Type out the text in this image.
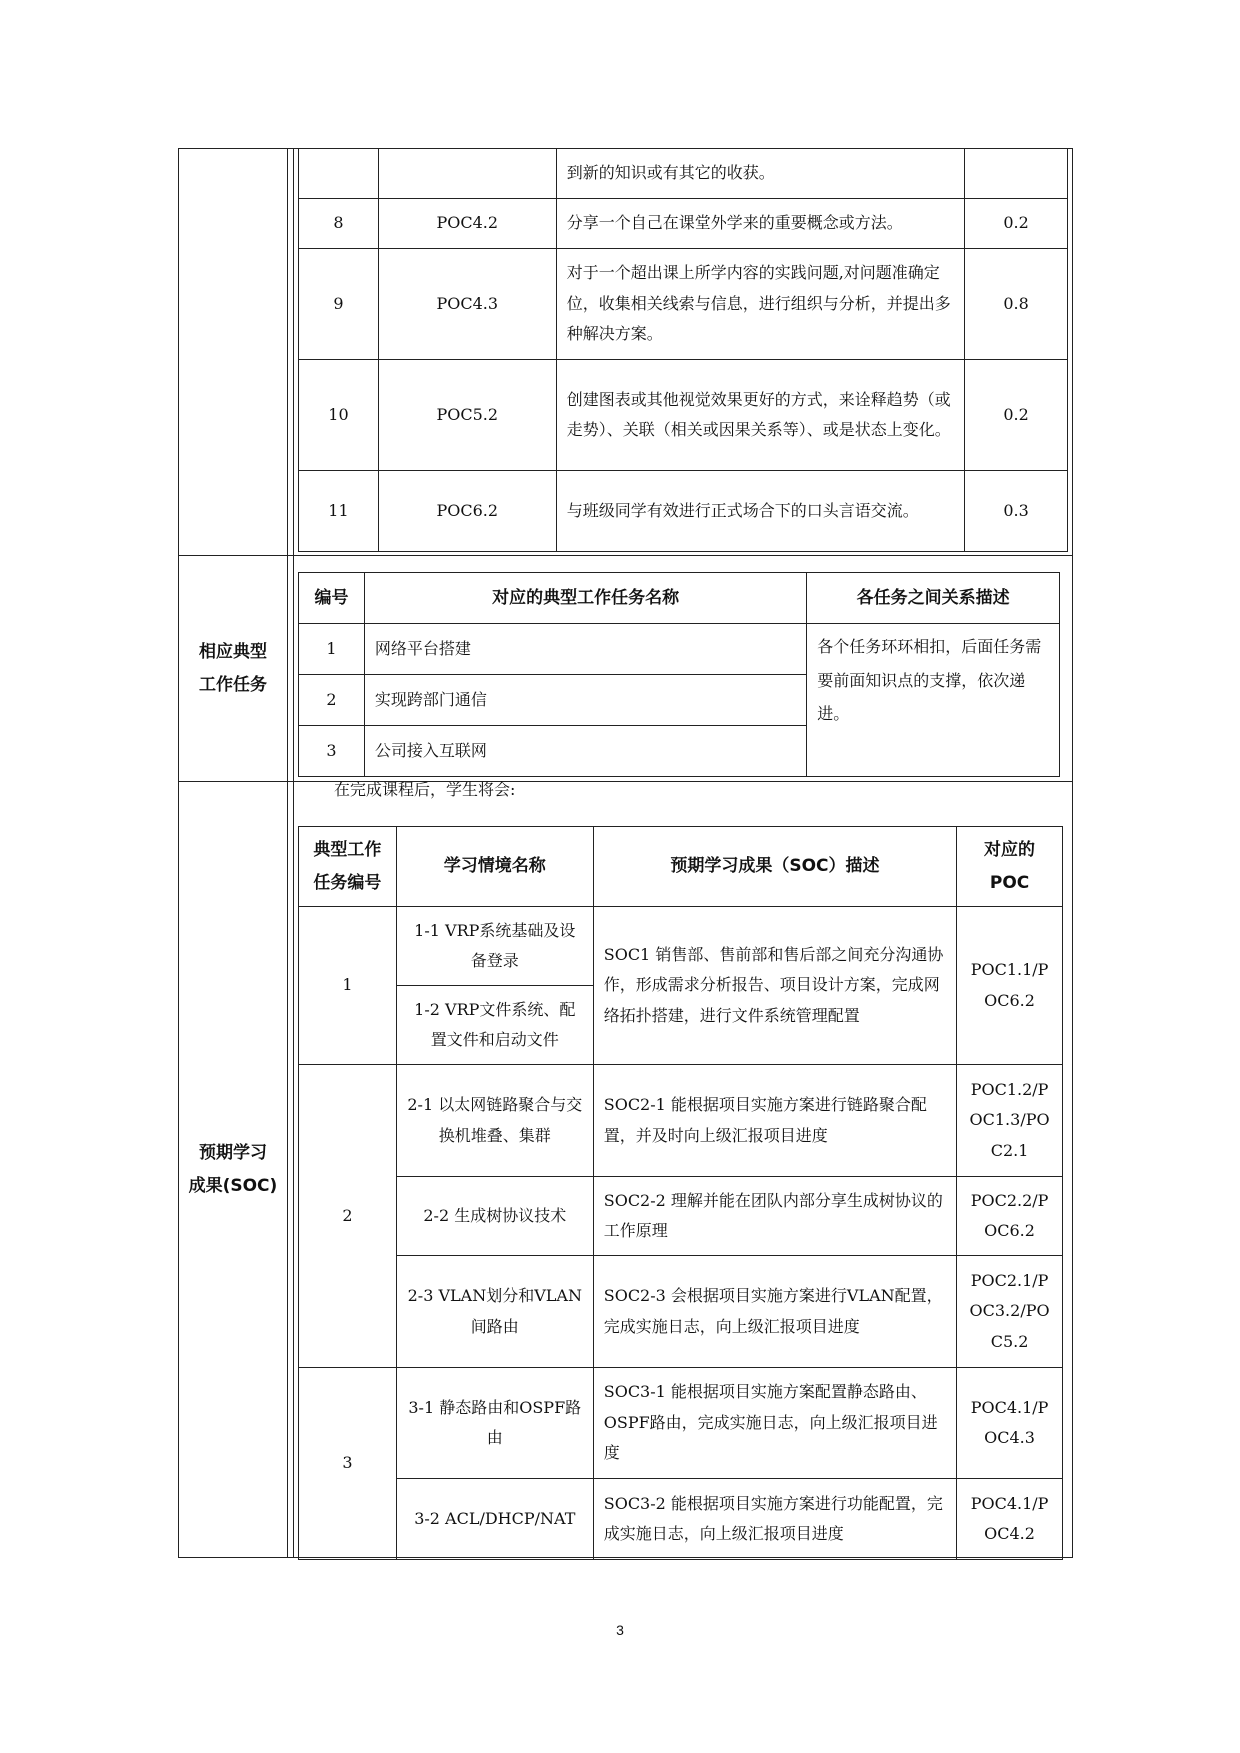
相应典型
工作任务	

预期学习
成果(SOC)	

		到新的知识或有其它的收获。	
8	POC4.2	分享一个自己在课堂外学来的重要概念或方法。	0.2
9	POC4.3	对于一个超出课上所学内容的实践问题,对问题准确定位，收集相关线索与信息，进行组织与分析，并提出多种解决方案。	0.8
10	POC5.2	创建图表或其他视觉效果更好的方式，来诠释趋势（或走势）、关联（相关或因果关系等）、或是状态上变化。	0.2
11	POC6.2	与班级同学有效进行正式场合下的口头言语交流。	0.3
编号	对应的典型工作任务名称	各任务之间关系描述
1	网络平台搭建	各个任务环环相扣，后面任务需要前面知识点的支撑，依次递进。
2	实现跨部门通信	
3	公司接入互联网	
在完成课程后，学生将会:
典型工作任务编号	学习情境名称	预期学习成果（SOC）描述	对应的
POC

1	1-1 VRP系统基础及设备登录	SOC1 销售部、售前部和售后部之间充分沟通协作，形成需求分析报告、项目设计方案，完成网络拓扑搭建，进行文件系统管理配置	POC1.1/POC6.2
	1-2 VRP文件系统、配置文件和启动文件		
2	2-1 以太网链路聚合与交换机堆叠、集群	SOC2-1 能根据项目实施方案进行链路聚合配置，并及时向上级汇报项目进度	POC1.2/POC1.3/POC2.1
	2-2 生成树协议技术	SOC2-2 理解并能在团队内部分享生成树协议的工作原理	POC2.2/POC6.2
	2-3 VLAN划分和VLAN间路由	SOC2-3 会根据项目实施方案进行VLAN配置，完成实施日志，向上级汇报项目进度	POC2.1/POC3.2/POC5.2
3	3-1 静态路由和OSPF路由	SOC3-1 能根据项目实施方案配置静态路由、OSPF路由，完成实施日志，向上级汇报项目进度	POC4.1/POC4.3
	3-2 ACL/DHCP/NAT	SOC3-2 能根据项目实施方案进行功能配置，完成实施日志，向上级汇报项目进度	POC4.1/POC4.2
3
